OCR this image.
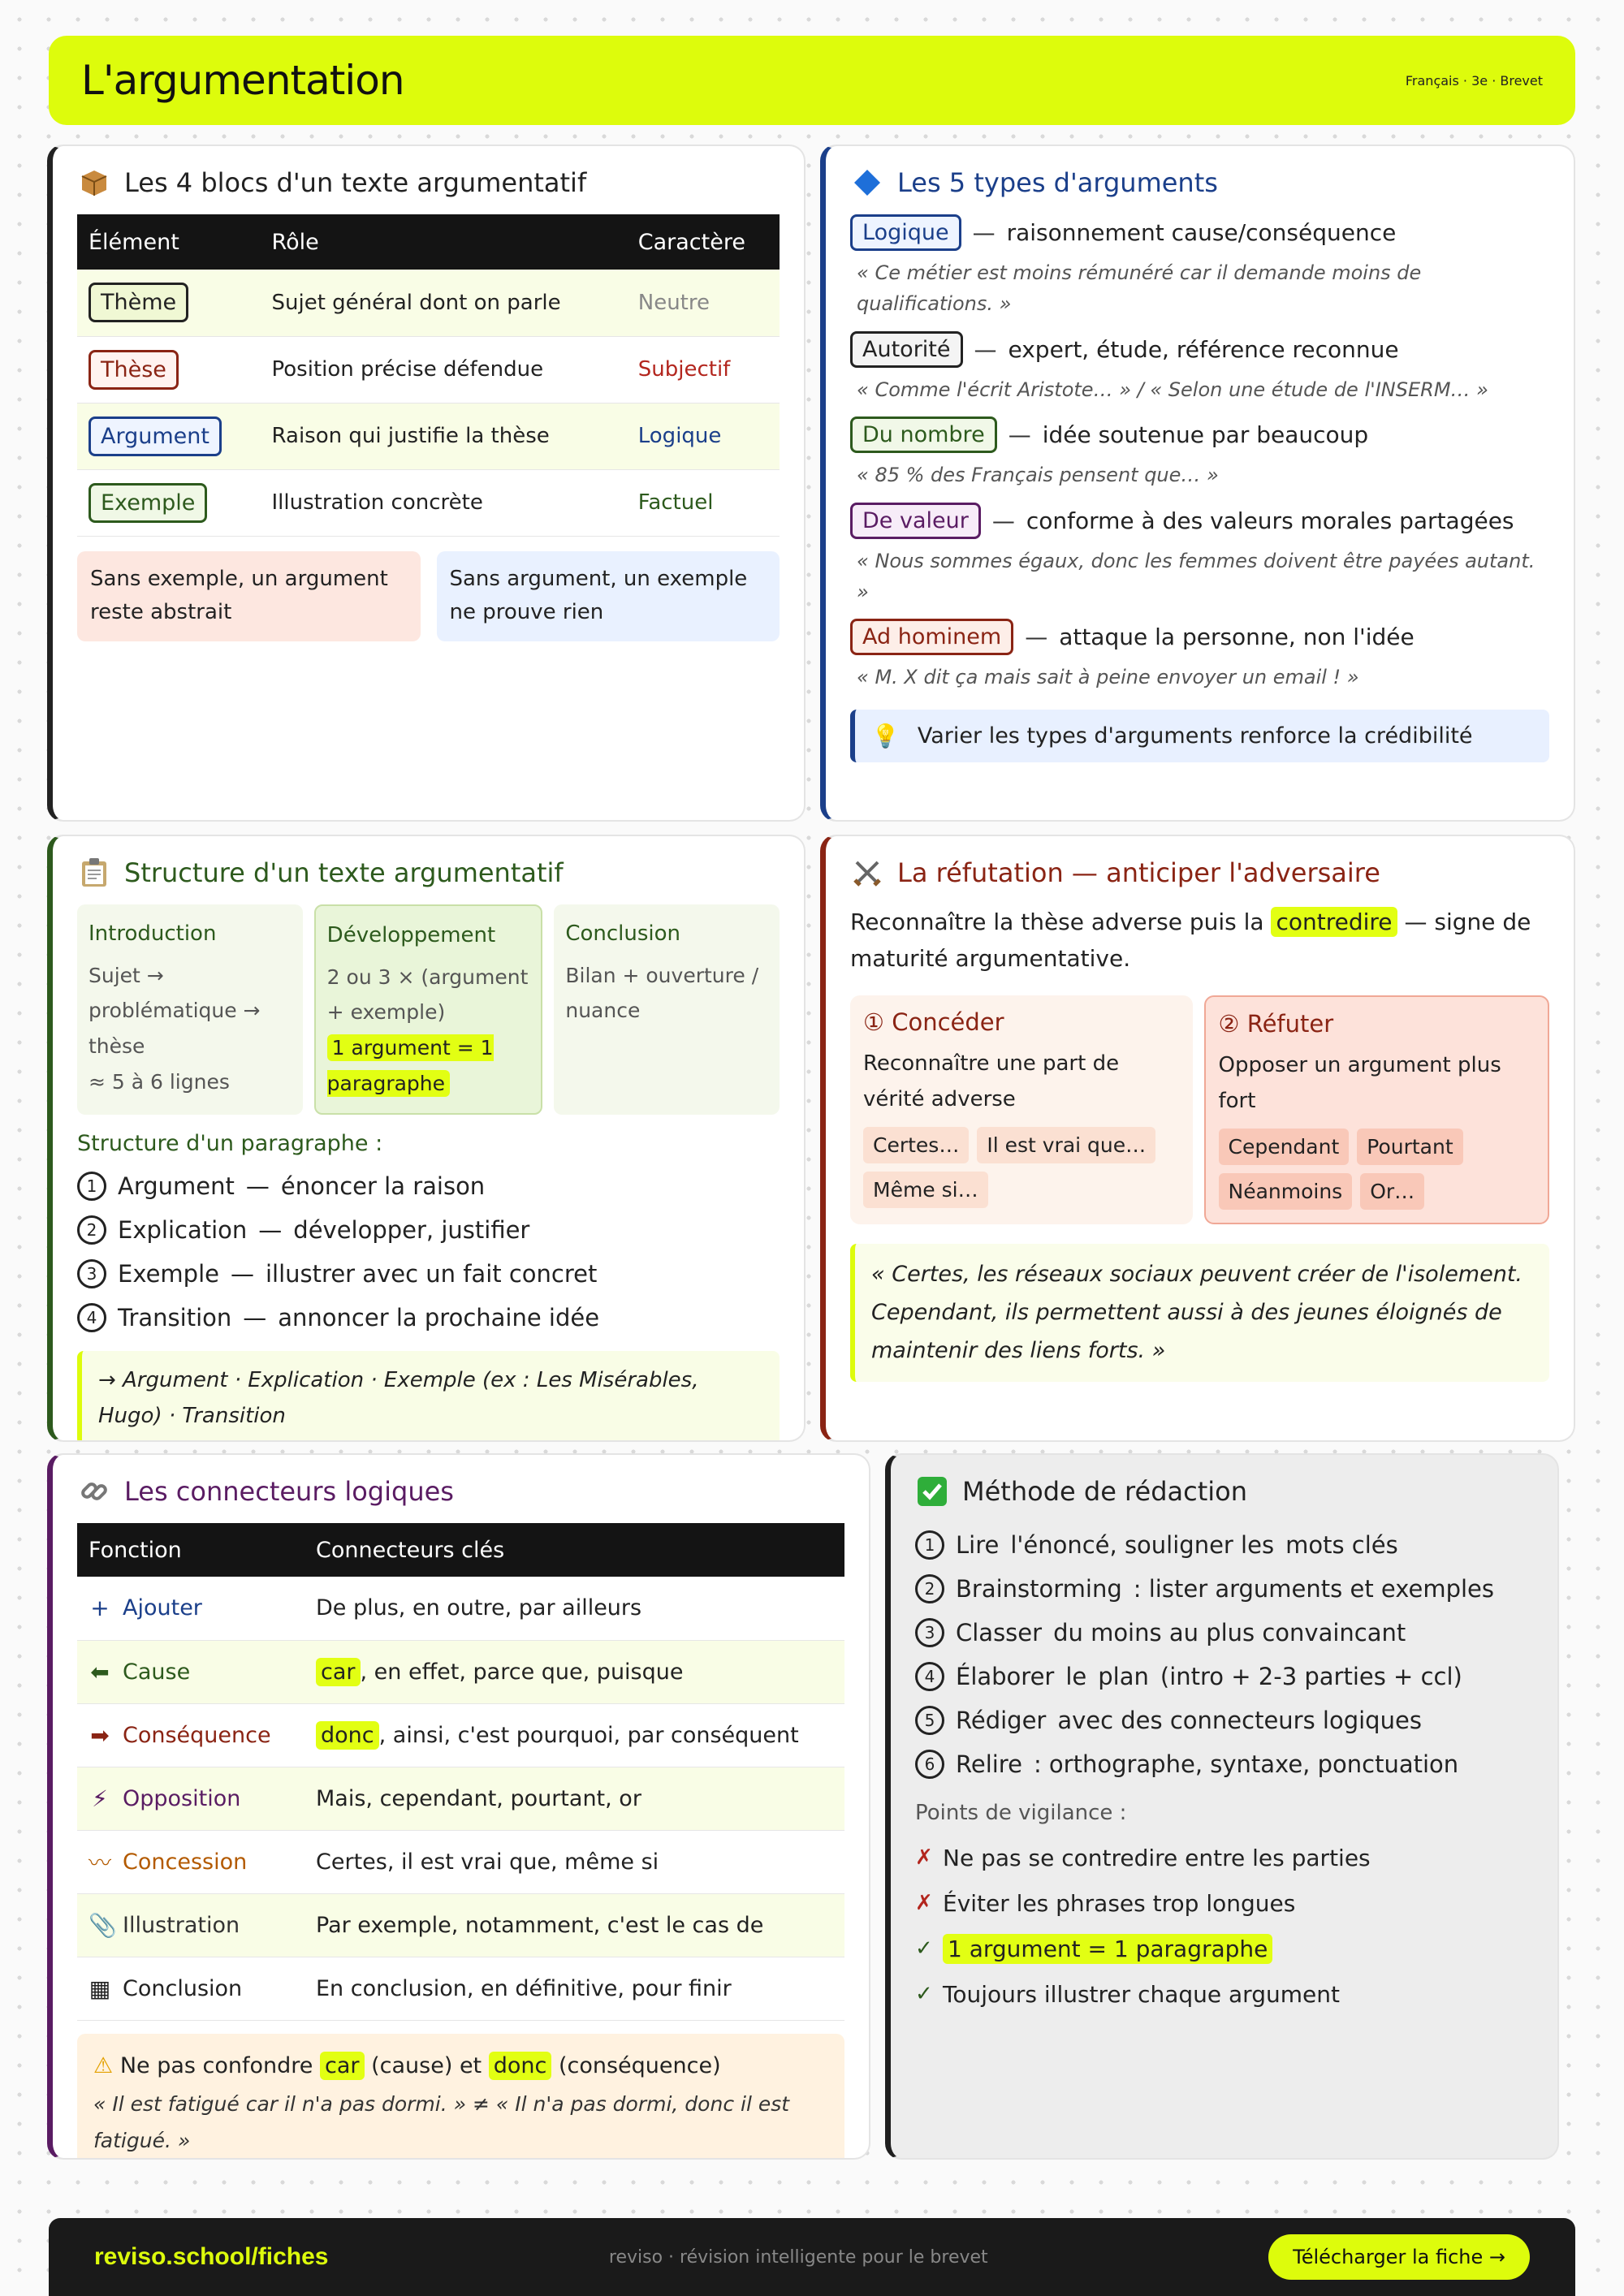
L'argumentation	Français · 3e · Brevet
Les 4 blocs d'un texte argumentatif
Élément	Rôle	Caractère
Thème	Sujet général dont on parle	Neutre
Thèse	Position précise défendue	Subjectif
Argument	Raison qui justifie la thèse	Logique
Exemple	Illustration concrète	Factuel
Sans exemple, un argument reste abstrait
Sans argument, un exemple ne prouve rien
Les 5 types d'arguments
Logique	— raisonnement cause/conséquence
« Ce métier est moins rémunéré car il demande moins de qualifications. »
Autorité	— expert, étude, référence reconnue
« Comme l'écrit Aristote… » / « Selon une étude de l'INSERM… »
Du nombre	— idée soutenue par beaucoup
« 85 % des Français pensent que… »
De valeur	— conforme à des valeurs morales partagées
« Nous sommes égaux, donc les femmes doivent être payées autant. »
Ad hominem	— attaque la personne, non l'idée
« M. X dit ça mais sait à peine envoyer un email ! »
💡 Varier les types d'arguments renforce la crédibilité
Structure d'un texte argumentatif
Introduction
Sujet → problématique → thèse
≈ 5 à 6 lignes
Développement
2 ou 3 × (argument + exemple)
1 argument = 1 paragraphe
Conclusion
Bilan + ouverture / nuance
Structure d'un paragraphe :
1 Argument — énoncer la raison
2 Explication — développer, justifier
3 Exemple — illustrer avec un fait concret
4 Transition — annoncer la prochaine idée
→ Argument · Explication · Exemple (ex : Les Misérables, Hugo) · Transition
La réfutation — anticiper l'adversaire
Reconnaître la thèse adverse puis la contredire — signe de maturité argumentative.
① Concéder
Reconnaître une part de vérité adverse
Certes…	Il est vrai que…
Même si…
② Réfuter
Opposer un argument plus fort
Cependant	Pourtant
Néanmoins	Or…
« Certes, les réseaux sociaux peuvent créer de l'isolement. Cependant, ils permettent aussi à des jeunes éloignés de maintenir des liens forts. »
Les connecteurs logiques
Fonction	Connecteurs clés

+ Ajouter	De plus, en outre, par ailleurs

⬅ Cause	car , en effet, parce que, puisque

➡ Conséquence	donc , ainsi, c'est pourquoi, par conséquent

⚡ Opposition	Mais, cependant, pourtant, or

〰 Concession	Certes, il est vrai que, même si

📎 Illustration	Par exemple, notamment, c'est le cas de

▦ Conclusion	En conclusion, en définitive, pour finir
⚠ Ne pas confondre car (cause) et donc (conséquence)
« Il est fatigué car il n'a pas dormi. » ≠ « Il n'a pas dormi, donc il est fatigué. »
Méthode de rédaction
1 Lire l'énoncé, souligner les mots clés
2 Brainstorming : lister arguments et exemples
3 Classer du moins au plus convaincant
4 Élaborer le plan (intro + 2-3 parties + ccl)
5 Rédiger avec des connecteurs logiques
6 Relire : orthographe, syntaxe, ponctuation
Points de vigilance :
✗ Ne pas se contredire entre les parties
✗ Éviter les phrases trop longues
✓ 1 argument = 1 paragraphe
✓ Toujours illustrer chaque argument
reviso.school/fiches	reviso · révision intelligente pour le brevet	Télécharger la fiche →
